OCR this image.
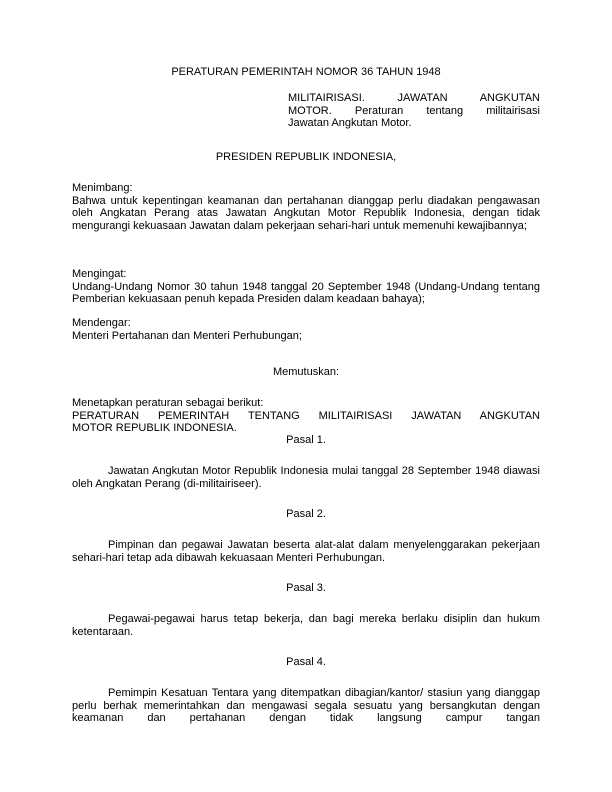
PERATURAN PEMERINTAH NOMOR 36 TAHUN 1948

MILITAIRISASI. JAWATAN ANGKUTAN

MOTOR. Peraturan tentang militairisasi

Jawatan Angkutan Motor.

PRESIDEN REPUBLIK INDONESIA,

Menimbang:

Bahwa untuk kepentingan keamanan dan pertahanan dianggap perlu diadakan pengawasan oleh Angkatan Perang atas Jawatan Angkutan Motor Republik Indonesia, dengan tidak mengurangi kekuasaan Jawatan dalam pekerjaan sehari-hari untuk memenuhi kewajibannya;

Mengingat:

Undang-Undang Nomor 30 tahun 1948 tanggal 20 September 1948 (Undang-Undang tentang Pemberian kekuasaan penuh kepada Presiden dalam keadaan bahaya);

Mendengar:

Menteri Pertahanan dan Menteri Perhubungan;

Memutuskan:

Menetapkan peraturan sebagai berikut:

PERATURAN PEMERINTAH TENTANG MILITAIRISASI JAWATAN ANGKUTAN

MOTOR REPUBLIK INDONESIA.

Pasal 1.
Jawatan Angkutan Motor Republik Indonesia mulai tanggal 28 September 1948 diawasi oleh Angkatan Perang (di-militairiseer).
Pasal 2.
Pimpinan dan pegawai Jawatan beserta alat-alat dalam menyelenggarakan pekerjaan sehari-hari tetap ada dibawah kekuasaan Menteri Perhubungan.
Pasal 3.
Pegawai-pegawai harus tetap bekerja, dan bagi mereka berlaku disiplin dan hukum ketentaraan.
Pasal 4.
Pemimpin Kesatuan Tentara yang ditempatkan dibagian/kantor/ stasiun yang dianggap perlu berhak memerintahkan dan mengawasi segala sesuatu yang bersangkutan dengan keamanan dan pertahanan dengan tidak langsung campur tangan
